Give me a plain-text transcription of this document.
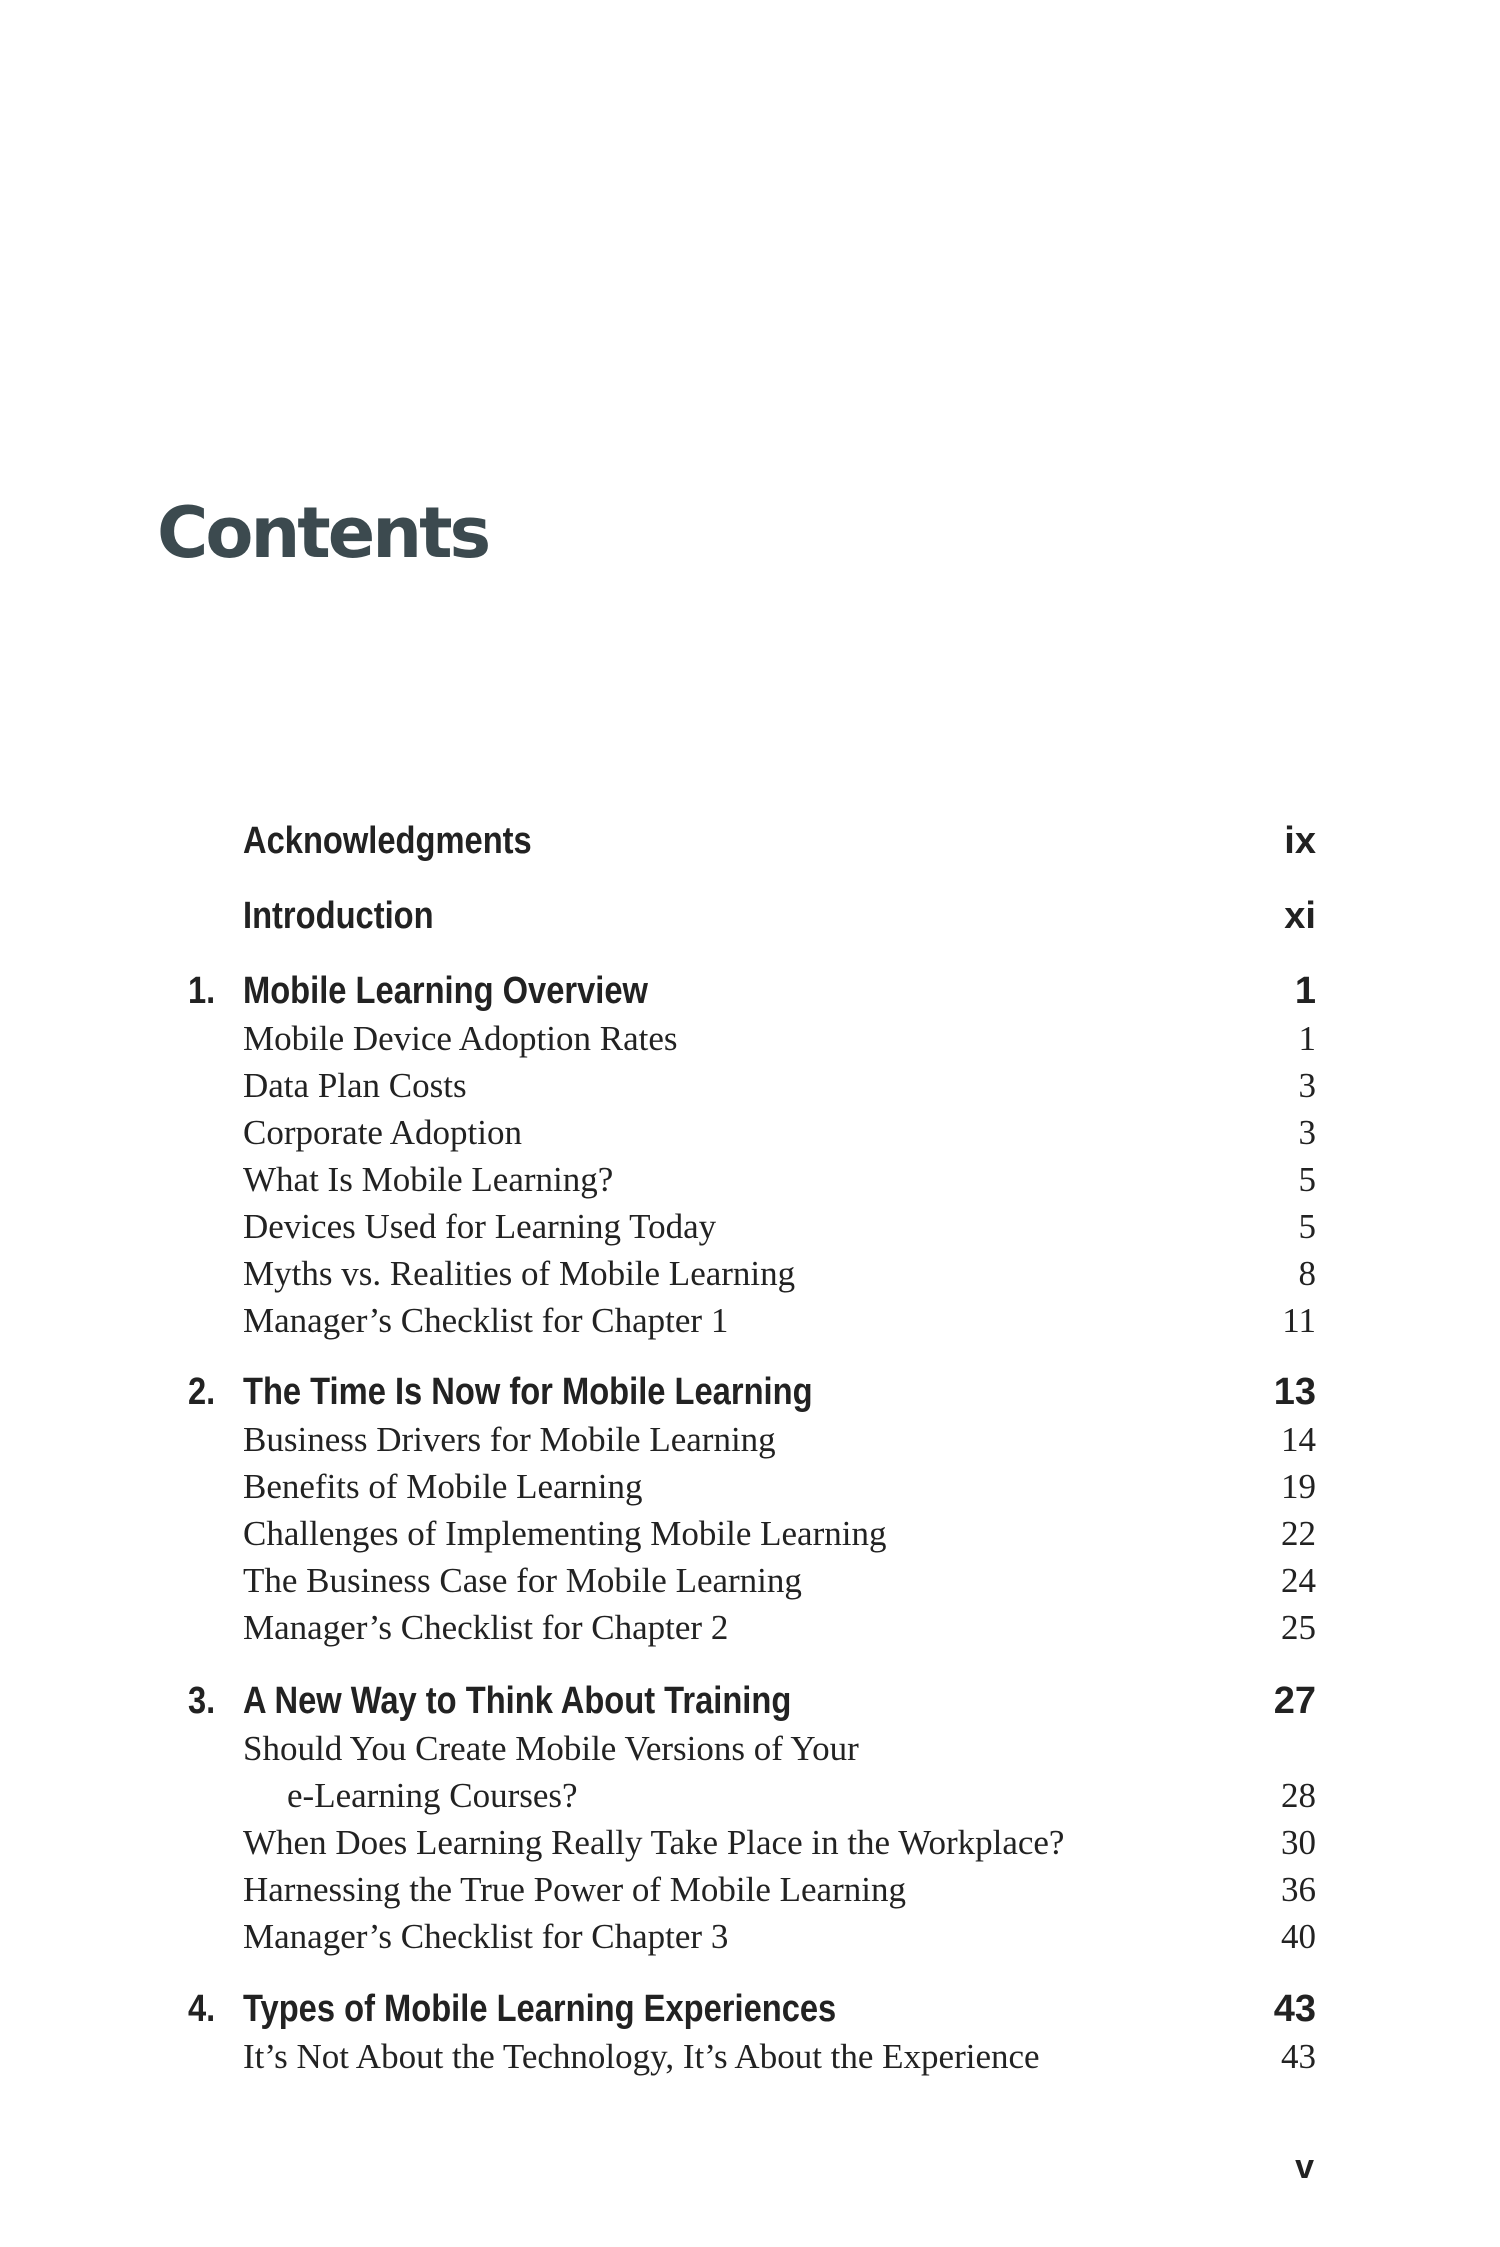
Contents
Acknowledgments	ix
Introduction	xi
1. Mobile Learning Overview	1
Mobile Device Adoption Rates	1
Data Plan Costs	3
Corporate Adoption	3
What Is Mobile Learning?	5
Devices Used for Learning Today	5
Myths vs. Realities of Mobile Learning	8
Manager’s Checklist for Chapter 1	11
2. The Time Is Now for Mobile Learning	13
Business Drivers for Mobile Learning	14
Benefits of Mobile Learning	19
Challenges of Implementing Mobile Learning	22
The Business Case for Mobile Learning	24
Manager’s Checklist for Chapter 2	25
3. A New Way to Think About Training	27
Should You Create Mobile Versions of Your
e-Learning Courses?	28
When Does Learning Really Take Place in the Workplace?	30
Harnessing the True Power of Mobile Learning	36
Manager’s Checklist for Chapter 3	40
4. Types of Mobile Learning Experiences	43
It’s Not About the Technology, It’s About the Experience	43
v
